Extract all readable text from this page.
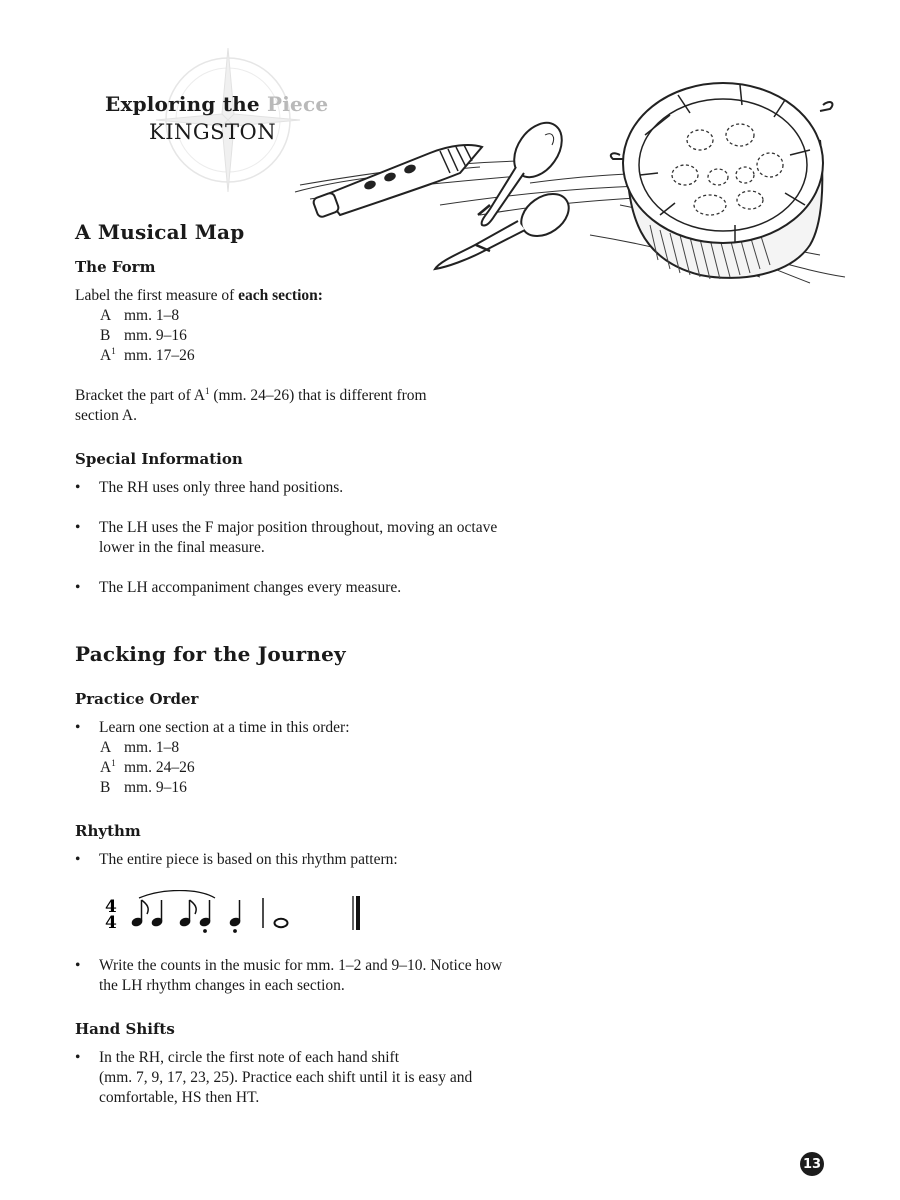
Exploring the Piece
KINGSTON
A Musical Map
The Form

Label the first measure of each section:

A mm. 1–8
B mm. 9–16
$A^1$ mm. 17–26

Bracket the part of $A^1$ (mm. 24–26) that is different from
section A.

Special Information
• The RH uses only three hand positions.
• The LH uses the F major position throughout, moving an octave
lower in the final measure.
• The LH accompaniment changes every measure.
Packing for the Journey
Practice Order
• Learn one section at a time in this order:
A mm. 1–8
$A^1$ mm. 24–26
B mm. 9–16
Rhythm
• The entire piece is based on this rhythm pattern:
4
4
• Write the counts in the music for mm. 1–2 and 9–10. Notice how
the LH rhythm changes in each section.
Hand Shifts
• In the RH, circle the first note of each hand shift
(mm. 7, 9, 17, 23, 25). Practice each shift until it is easy and
comfortable, HS then HT.
13
